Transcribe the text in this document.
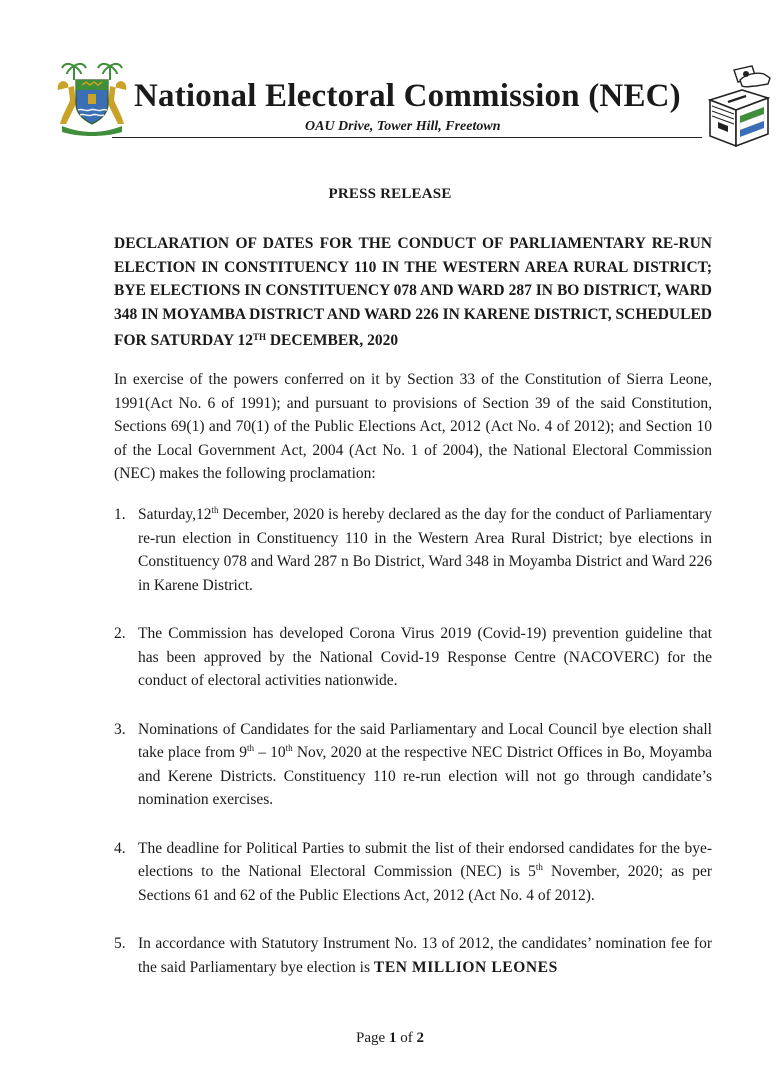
National Electoral Commission (NEC)
OAU Drive, Tower Hill, Freetown
PRESS RELEASE
DECLARATION OF DATES FOR THE CONDUCT OF PARLIAMENTARY RE-RUN ELECTION IN CONSTITUENCY 110 IN THE WESTERN AREA RURAL DISTRICT; BYE ELECTIONS IN CONSTITUENCY 078 AND WARD 287 IN BO DISTRICT, WARD 348 IN MOYAMBA DISTRICT AND WARD 226 IN KARENE DISTRICT, SCHEDULED FOR SATURDAY 12TH DECEMBER, 2020

In exercise of the powers conferred on it by Section 33 of the Constitution of Sierra Leone, 1991(Act No. 6 of 1991); and pursuant to provisions of Section 39 of the said Constitution, Sections 69(1) and 70(1) of the Public Elections Act, 2012 (Act No. 4 of 2012); and Section 10 of the Local Government Act, 2004 (Act No. 1 of 2004), the National Electoral Commission (NEC) makes the following proclamation:

1. Saturday,12th December, 2020 is hereby declared as the day for the conduct of Parliamentary re-run election in Constituency 110 in the Western Area Rural District; bye elections in Constituency 078 and Ward 287 n Bo District, Ward 348 in Moyamba District and Ward 226 in Karene District.
2. The Commission has developed Corona Virus 2019 (Covid-19) prevention guideline that has been approved by the National Covid-19 Response Centre (NACOVERC) for the conduct of electoral activities nationwide.
3. Nominations of Candidates for the said Parliamentary and Local Council bye election shall take place from 9th – 10th Nov, 2020 at the respective NEC District Offices in Bo, Moyamba and Kerene Districts. Constituency 110 re-run election will not go through candidate’s nomination exercises.
4. The deadline for Political Parties to submit the list of their endorsed candidates for the bye-elections to the National Electoral Commission (NEC) is 5th November, 2020; as per Sections 61 and 62 of the Public Elections Act, 2012 (Act No. 4 of 2012).
5. In accordance with Statutory Instrument No. 13 of 2012, the candidates’ nomination fee for the said Parliamentary bye election is TEN MILLION LEONES
Page 1 of 2
